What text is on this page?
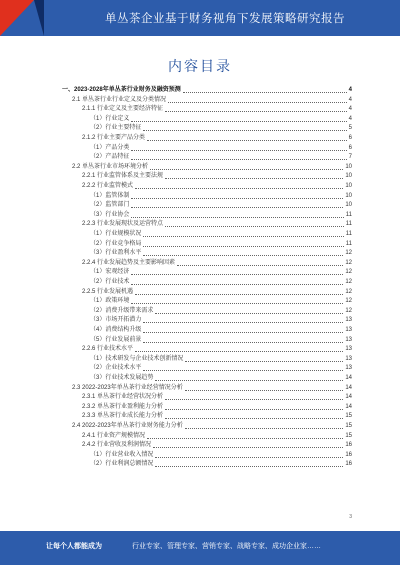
单丛茶企业基于财务视角下发展策略研究报告
内容目录
一、2023-2028年单丛茶行业财务及融资预测	4
2.1 单丛茶行业行业定义及分类情况	4
2.1.1 行业定义及主要经济特征	4
（1）行业定义	4
（2）行业主要特征	5
2.1.2 行业主要产品分类	6
（1）产品分类	6
（2）产品特征	7
2.2 单丛茶行业市场环境分析	10
2.2.1 行业监管体系及主要法规	10
2.2.2 行业监管模式	10
（1）监管体制	10
（2）监管部门	10
（3）行业协会	11
2.2.3 行业发展现状及运营特点	11
（1）行业规模状况	11
（2）行业竞争格局	11
（3）行业盈利水平	12
2.2.4 行业发展趋势及主要影响因素	12
（1）宏观经济	12
（2）行业技术	12
2.2.5 行业发展机遇	12
（1）政策环境	12
（2）消费升级带来需求	12
（3）市场开拓潜力	13
（4）消费结构升级	13
（5）行业发展前景	13
2.2.6 行业技术水平	13
（1）技术研发与企业技术创新情况	13
（2）企业技术水平	13
（3）行业技术发展趋势	14
2.3 2022-2023年单丛茶行业经营情况分析	14
2.3.1 单丛茶行业经营状况分析	14
2.3.2 单丛茶行业盈利能力分析	14
2.3.3 单丛茶行业成长能力分析	15
2.4 2022-2023年单丛茶行业财务能力分析	15
2.4.1 行业资产规模情况	15
2.4.2 行业营收及利润情况	16
（1）行业营业收入情况	16
（2）行业利润总额情况	16
3
让每个人都能成为	行业专家、管理专家、营销专家、战略专家、成功企业家……
